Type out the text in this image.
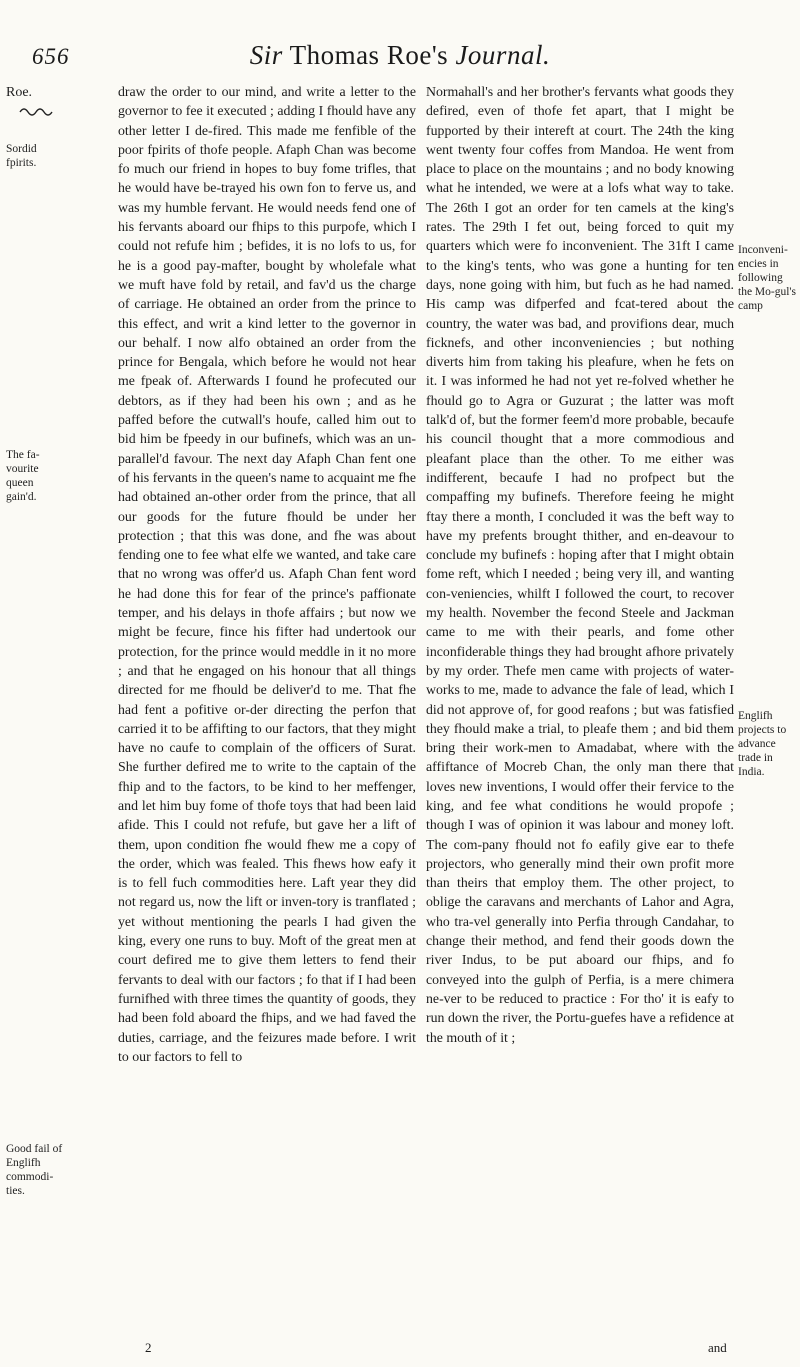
656	Sir Thomas Roe's Journal.
Roe.
Sordid fpirits.
The fa-vourite queen gain'd.
Good fail of Englifh commodi-ties.
Inconveni-encies in following the Mo-gul's camp
Englifh projects to advance trade in India.

draw the order to our mind, and write a letter to the governor to fee it executed ; adding I fhould have any other letter I de-fired. This made me fenfible of the poor fpirits of thofe people. Afaph Chan was become fo much our friend in hopes to buy fome trifles, that he would have be-trayed his own fon to ferve us, and was my humble fervant. He would needs fend one of his fervants aboard our fhips to this purpofe, which I could not refufe him ; befides, it is no lofs to us, for he is a good pay-mafter, bought by wholefale what we muft have fold by retail, and fav'd us the charge of carriage. He obtained an order from the prince to this effect, and writ a kind letter to the governor in our behalf. I now alfo obtained an order from the prince for Bengala, which before he would not hear me fpeak of. Afterwards I found he profecuted our debtors, as if they had been his own ; and as he paffed before the cutwall's houfe, called him out to bid him be fpeedy in our bufinefs, which was an un-parallel'd favour. The next day Afaph Chan fent one of his fervants in the queen's name to acquaint me fhe had obtained an-other order from the prince, that all our goods for the future fhould be under her protection ; that this was done, and fhe was about fending one to fee what elfe we wanted, and take care that no wrong was offer'd us. Afaph Chan fent word he had done this for fear of the prince's paffionate temper, and his delays in thofe affairs ; but now we might be fecure, fince his fifter had undertook our protection, for the prince would meddle in it no more ; and that he engaged on his honour that all things directed for me fhould be deliver'd to me. That fhe had fent a pofitive or-der directing the perfon that carried it to be affifting to our factors, that they might have no caufe to complain of the officers of Surat. She further defired me to write to the captain of the fhip and to the factors, to be kind to her meffenger, and let him buy fome of thofe toys that had been laid afide. This I could not refufe, but gave her a lift of them, upon condition fhe would fhew me a copy of the order, which was fealed. This fhews how eafy it is to fell fuch commodities here. Laft year they did not regard us, now the lift or inven-tory is tranflated ; yet without mentioning the pearls I had given the king, every one runs to buy. Moft of the great men at court defired me to give them letters to fend their fervants to deal with our factors ; fo that if I had been furnifhed with three times the quantity of goods, they had been fold aboard the fhips, and we had faved the duties, carriage, and the feizures made before. I writ to our factors to fell to

Normahall's and her brother's fervants what goods they defired, even of thofe fet apart, that I might be fupported by their intereft at court. The 24th the king went twenty four coffes from Mandoa. He went from place to place on the mountains ; and no body knowing what he intended, we were at a lofs what way to take. The 26th I got an order for ten camels at the king's rates. The 29th I fet out, being forced to quit my quarters which were fo inconvenient. The 31ft I came to the king's tents, who was gone a hunting for ten days, none going with him, but fuch as he had named. His camp was difperfed and fcat-tered about the country, the water was bad, and provifions dear, much ficknefs, and other inconveniencies ; but nothing diverts him from taking his pleafure, when he fets on it. I was informed he had not yet re-folved whether he fhould go to Agra or Guzurat ; the latter was moft talk'd of, but the former feem'd more probable, becaufe his council thought that a more commodious and pleafant place than the other. To me either was indifferent, becaufe I had no profpect but the compaffing my bufinefs. Therefore feeing he might ftay there a month, I concluded it was the beft way to have my prefents brought thither, and en-deavour to conclude my bufinefs : hoping after that I might obtain fome reft, which I needed ; being very ill, and wanting con-veniencies, whilft I followed the court, to recover my health. November the fecond Steele and Jackman came to me with their pearls, and fome other inconfiderable things they had brought afhore privately by my order. Thefe men came with projects of water-works to me, made to advance the fale of lead, which I did not approve of, for good reafons ; but was fatisfied they fhould make a trial, to pleafe them ; and bid them bring their work-men to Amadabat, where with the affiftance of Mocreb Chan, the only man there that loves new inventions, I would offer their fervice to the king, and fee what conditions he would propofe ; though I was of opinion it was labour and money loft. The com-pany fhould not fo eafily give ear to thefe projectors, who generally mind their own profit more than theirs that employ them. The other project, to oblige the caravans and merchants of Lahor and Agra, who tra-vel generally into Perfia through Candahar, to change their method, and fend their goods down the river Indus, to be put aboard our fhips, and fo conveyed into the gulph of Perfia, is a mere chimera ne-ver to be reduced to practice : For tho' it is eafy to run down the river, the Portu-guefes have a refidence at the mouth of it ;

2	and
